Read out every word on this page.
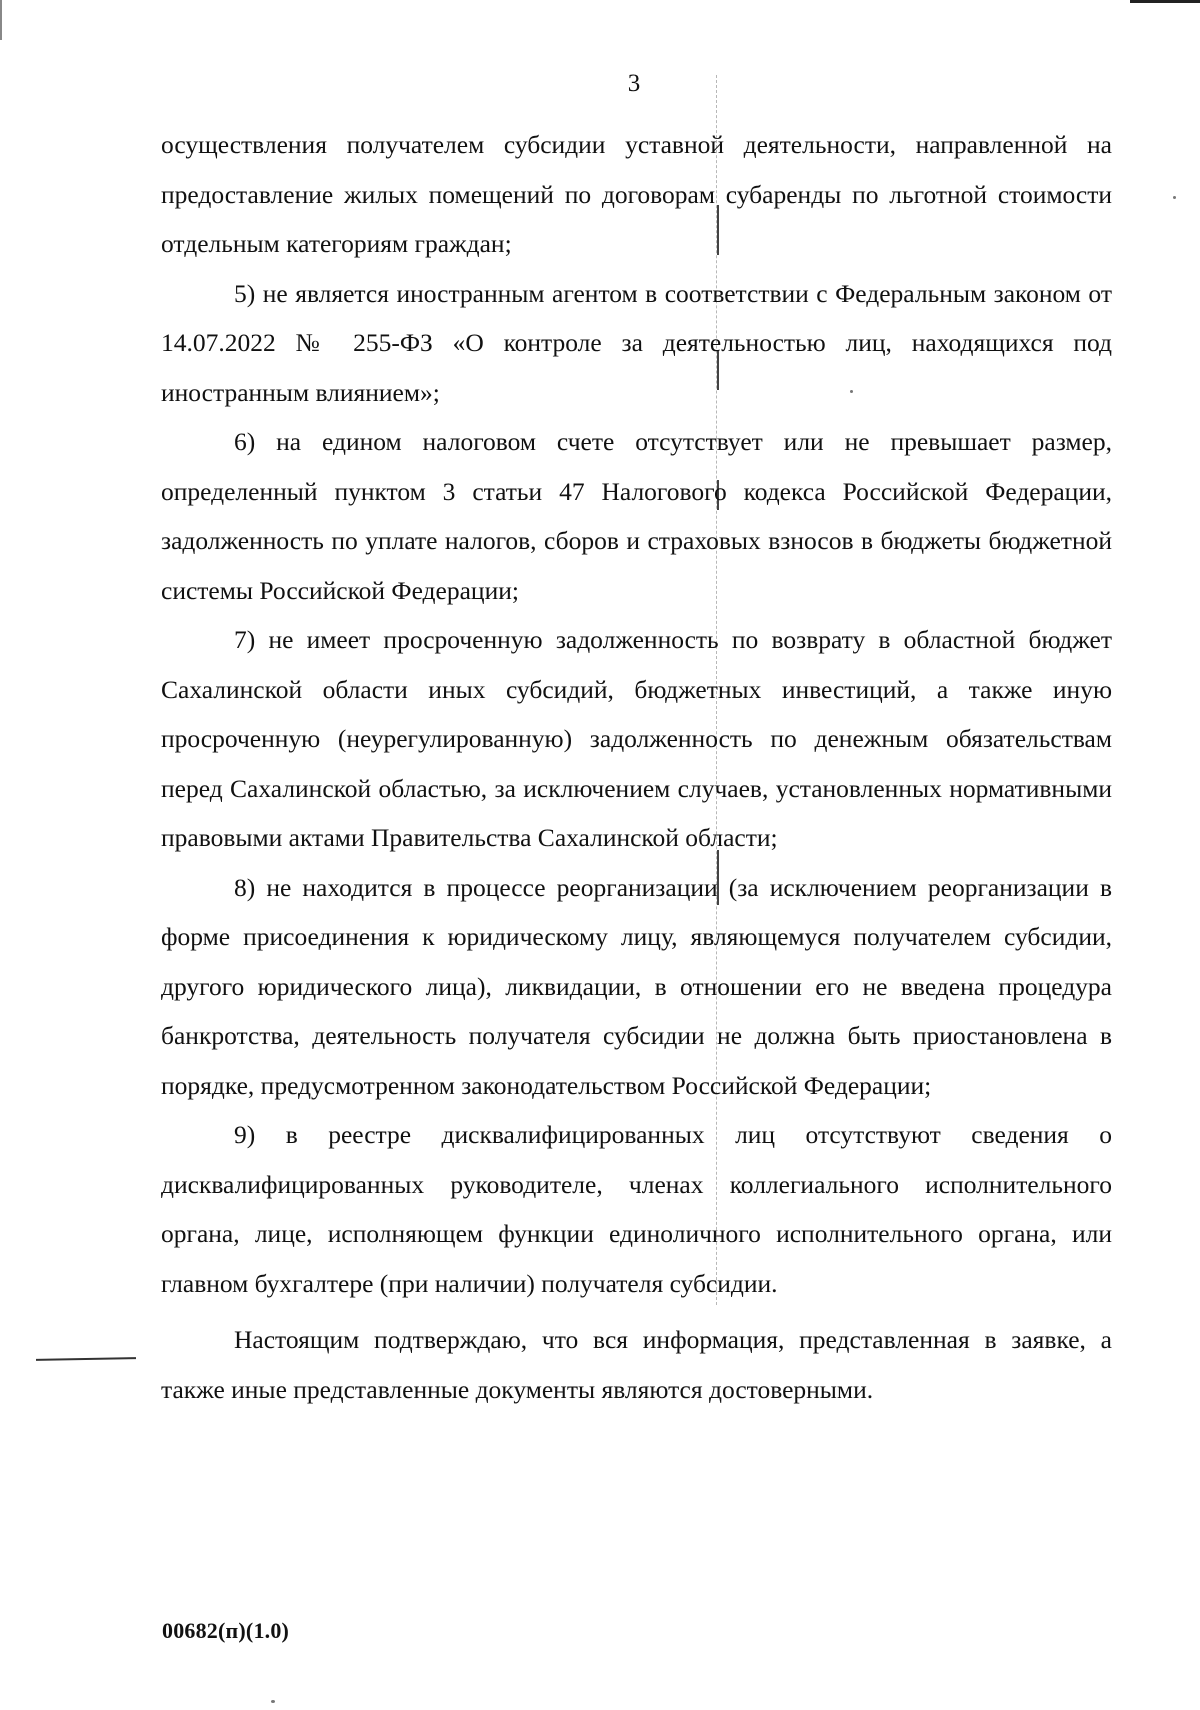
3

осуществления получателем субсидии уставной деятельности, направленной на предоставление жилых помещений по договорам субаренды по льготной стоимости отдельным категориям граждан;

5) не является иностранным агентом в соответствии с Федеральным законом от 14.07.2022 № 255-ФЗ «О контроле за деятельностью лиц, находящихся под иностранным влиянием»;

6) на едином налоговом счете отсутствует или не превышает размер, определенный пунктом 3 статьи 47 Налогового кодекса Российской Федерации, задолженность по уплате налогов, сборов и страховых взносов в бюджеты бюджетной системы Российской Федерации;

7) не имеет просроченную задолженность по возврату в областной бюджет Сахалинской области иных субсидий, бюджетных инвестиций, а также иную просроченную (неурегулированную) задолженность по денежным обязательствам перед Сахалинской областью, за исключением случаев, установленных нормативными правовыми актами Правительства Сахалинской области;

8) не находится в процессе реорганизации (за исключением реорганизации в форме присоединения к юридическому лицу, являющемуся получателем субсидии, другого юридического лица), ликвидации, в отношении его не введена процедура банкротства, деятельность получателя субсидии не должна быть приостановлена в порядке, предусмотренном законодательством Российской Федерации;

9) в реестре дисквалифицированных лиц отсутствуют сведения о дисквалифицированных руководителе, членах коллегиального исполнительного органа, лице, исполняющем функции единоличного исполнительного органа, или главном бухгалтере (при наличии) получателя субсидии.

Настоящим подтверждаю, что вся информация, представленная в заявке, а также иные представленные документы являются достоверными.

00682(п)(1.0)
